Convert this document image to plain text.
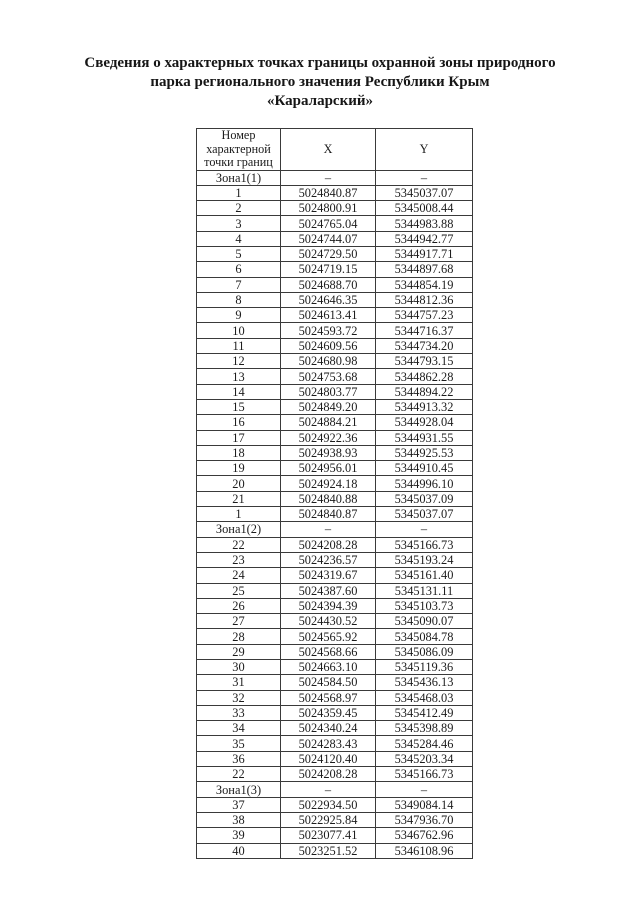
Сведения о характерных точках границы охранной зоны природного
парка регионального значения Республики Крым
«Караларский»
Номер характерной точки границ	X	Y
Зона1(1)	–	–
1	5024840.87	5345037.07
2	5024800.91	5345008.44
3	5024765.04	5344983.88
4	5024744.07	5344942.77
5	5024729.50	5344917.71
6	5024719.15	5344897.68
7	5024688.70	5344854.19
8	5024646.35	5344812.36
9	5024613.41	5344757.23
10	5024593.72	5344716.37
11	5024609.56	5344734.20
12	5024680.98	5344793.15
13	5024753.68	5344862.28
14	5024803.77	5344894.22
15	5024849.20	5344913.32
16	5024884.21	5344928.04
17	5024922.36	5344931.55
18	5024938.93	5344925.53
19	5024956.01	5344910.45
20	5024924.18	5344996.10
21	5024840.88	5345037.09
1	5024840.87	5345037.07
Зона1(2)	–	–
22	5024208.28	5345166.73
23	5024236.57	5345193.24
24	5024319.67	5345161.40
25	5024387.60	5345131.11
26	5024394.39	5345103.73
27	5024430.52	5345090.07
28	5024565.92	5345084.78
29	5024568.66	5345086.09
30	5024663.10	5345119.36
31	5024584.50	5345436.13
32	5024568.97	5345468.03
33	5024359.45	5345412.49
34	5024340.24	5345398.89
35	5024283.43	5345284.46
36	5024120.40	5345203.34
22	5024208.28	5345166.73
Зона1(3)	–	–
37	5022934.50	5349084.14
38	5022925.84	5347936.70
39	5023077.41	5346762.96
40	5023251.52	5346108.96
